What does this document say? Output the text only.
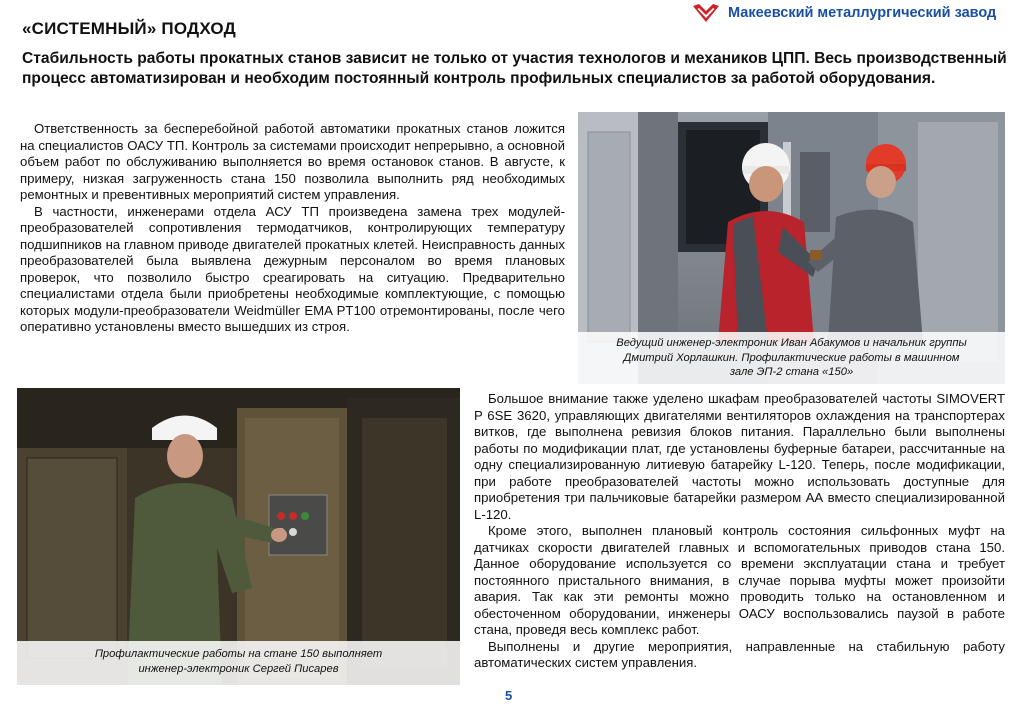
«СИСТЕМНЫЙ» ПОДХОД
Макеевский металлургический завод
Стабильность работы прокатных станов зависит не только от участия технологов и механиков ЦПП. Весь производственный процесс автоматизирован и необходим постоянный контроль профильных специалистов за работой оборудования.

Ответственность за бесперебойной работой автоматики прокатных станов ложится на специалистов ОАСУ ТП. Контроль за системами происходит непрерывно, а основной объем работ по обслуживанию выполняется во время остановок станов. В августе, к примеру, низкая загруженность стана 150 позволила выполнить ряд необходимых ремонтных и превентивных мероприятий систем управления.

В частности, инженерами отдела АСУ ТП произведена замена трех модулей-преобразователей сопротивления термодатчиков, контролирующих температуру подшипников на главном приводе двигателей прокатных клетей. Неисправность данных преобразователей была выявлена дежурным персоналом во время плановых проверок, что позволило быстро среагировать на ситуацию. Предварительно специалистами отдела были приобретены необходимые комплектующие, с помощью которых модули-преобразователи Weidmüller EMA PT100 отремонтированы, после чего оперативно установлены вместо вышедших из строя.

Ведущий инженер-электроник Иван Абакумов и начальник группы
Дмитрий Хорлашкин. Профилактические работы в машинном
зале ЭП-2 стана «150»
Профилактические работы на стане 150 выполняет
инженер-электроник Сергей Писарев

Большое внимание также уделено шкафам преобразователей частоты SIMOVERT P 6SE 3620, управляющих двигателями вентиляторов охлаждения на транспортерах витков, где выполнена ревизия блоков питания. Параллельно были выполнены работы по модификации плат, где установлены буферные батареи, рассчитанные на одну специализированную литиевую батарейку L-120. Теперь, после модификации, при работе преобразователей частоты можно использовать доступные для приобретения три пальчиковые батарейки размером АА вместо специализированной L-120.

Кроме этого, выполнен плановый контроль состояния сильфонных муфт на датчиках скорости двигателей главных и вспомогательных приводов стана 150. Данное оборудование используется со времени эксплуатации стана и требует постоянного пристального внимания, в случае порыва муфты может произойти авария. Так как эти ремонты можно проводить только на остановленном и обесточенном оборудовании, инженеры ОАСУ воспользовались паузой в работе стана, проведя весь комплекс работ.

Выполнены и другие мероприятия, направленные на стабильную работу автоматических систем управления.

5
